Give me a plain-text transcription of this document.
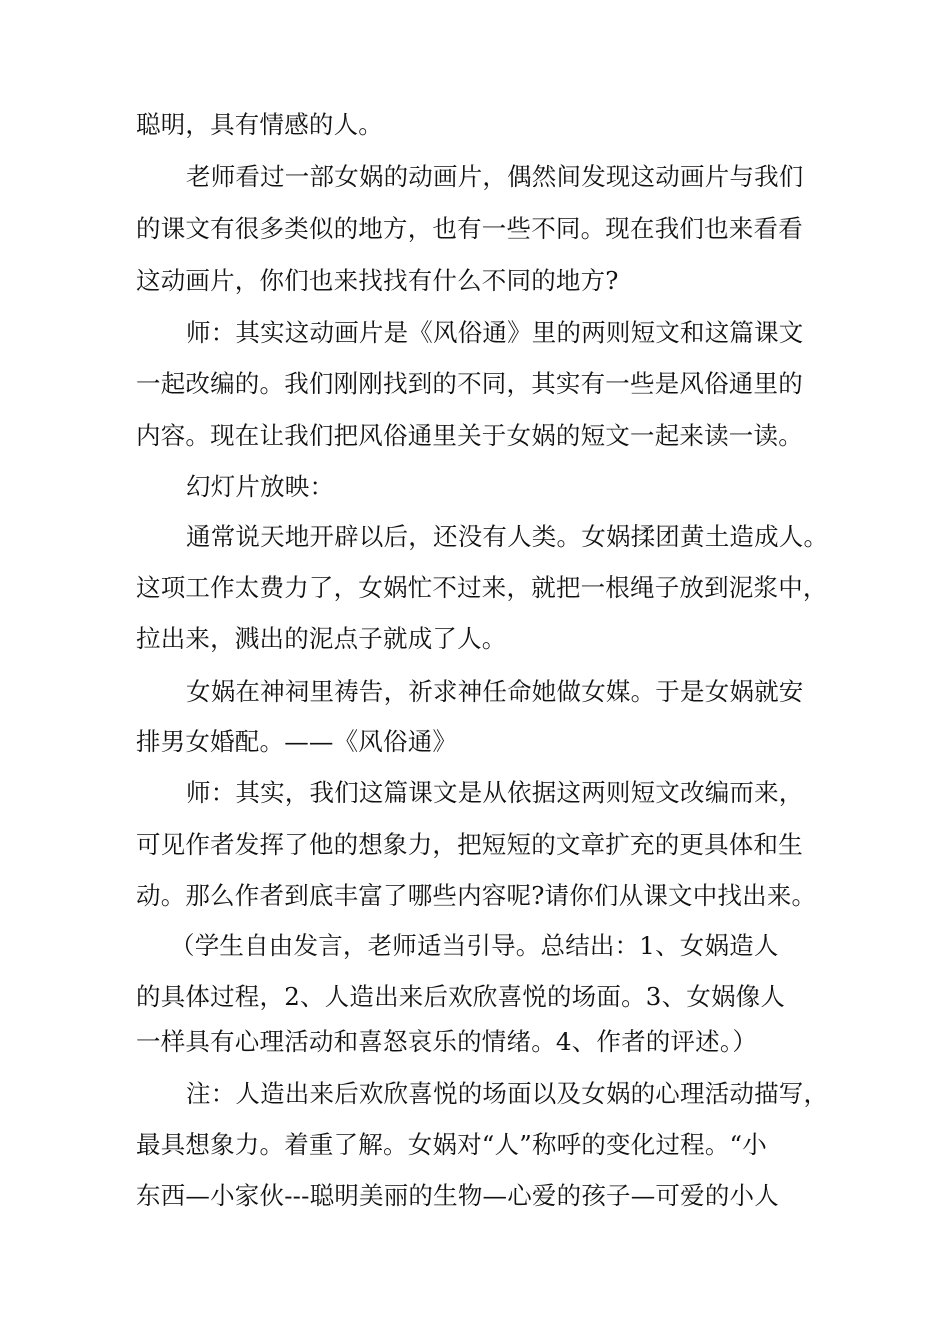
聪明，具有情感的人。
老师看过一部女娲的动画片，偶然间发现这动画片与我们
的课文有很多类似的地方，也有一些不同。现在我们也来看看
这动画片，你们也来找找有什么不同的地方?
师：其实这动画片是《风俗通》里的两则短文和这篇课文
一起改编的。我们刚刚找到的不同，其实有一些是风俗通里的
内容。现在让我们把风俗通里关于女娲的短文一起来读一读。
幻灯片放映：
通常说天地开辟以后，还没有人类。女娲揉团黄土造成人。
这项工作太费力了，女娲忙不过来，就把一根绳子放到泥浆中，
拉出来，溅出的泥点子就成了人。
女娲在神祠里祷告，祈求神任命她做女媒。于是女娲就安
排男女婚配。——《风俗通》
师：其实，我们这篇课文是从依据这两则短文改编而来，
可见作者发挥了他的想象力，把短短的文章扩充的更具体和生
动。那么作者到底丰富了哪些内容呢?请你们从课文中找出来。
（学生自由发言，老师适当引导。总结出：1、女娲造人
的具体过程，2、人造出来后欢欣喜悦的场面。3、女娲像人
一样具有心理活动和喜怒哀乐的情绪。4、作者的评述。）
注：人造出来后欢欣喜悦的场面以及女娲的心理活动描写，
最具想象力。着重了解。女娲对“人”称呼的变化过程。“小
东西—小家伙---聪明美丽的生物—心爱的孩子—可爱的小人
